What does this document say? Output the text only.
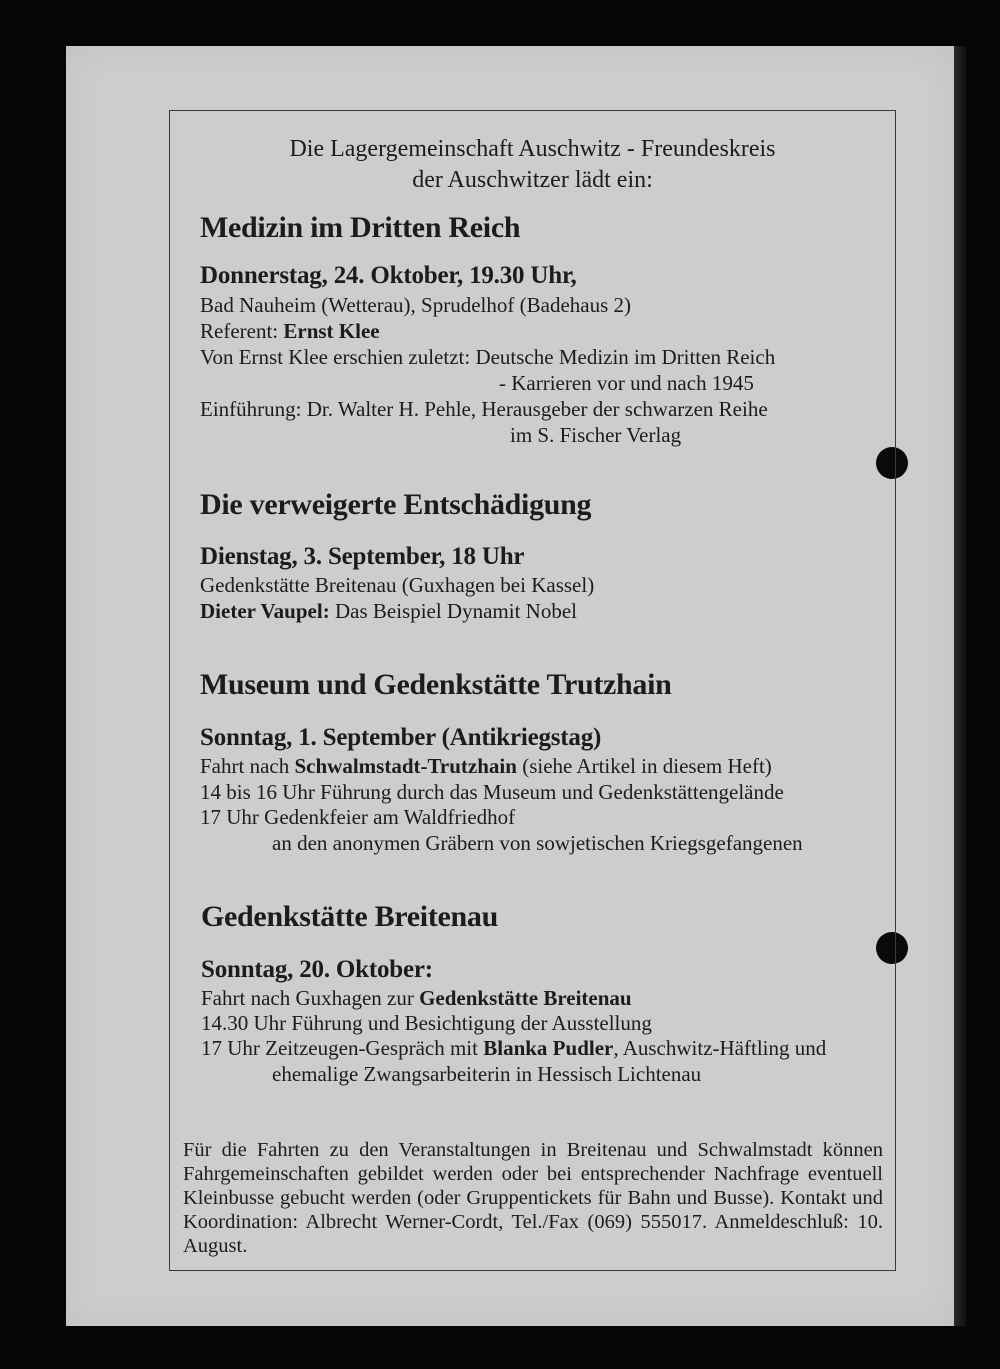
Die Lagergemeinschaft Auschwitz - Freundeskreis
der Auschwitzer lädt ein:
Medizin im Dritten Reich
Donnerstag, 24. Oktober, 19.30 Uhr,
Bad Nauheim (Wetterau), Sprudelhof (Badehaus 2)
Referent: Ernst Klee
Von Ernst Klee erschien zuletzt: Deutsche Medizin im Dritten Reich
- Karrieren vor und nach 1945
Einführung: Dr. Walter H. Pehle, Herausgeber der schwarzen Reihe
im S. Fischer Verlag
Die verweigerte Entschädigung
Dienstag, 3. September, 18 Uhr
Gedenkstätte Breitenau (Guxhagen bei Kassel)
Dieter Vaupel: Das Beispiel Dynamit Nobel
Museum und Gedenkstätte Trutzhain
Sonntag, 1. September (Antikriegstag)
Fahrt nach Schwalmstadt-Trutzhain (siehe Artikel in diesem Heft)
14 bis 16 Uhr Führung durch das Museum und Gedenkstättengelände
17 Uhr Gedenkfeier am Waldfriedhof
an den anonymen Gräbern von sowjetischen Kriegsgefangenen
Gedenkstätte Breitenau
Sonntag, 20. Oktober:
Fahrt nach Guxhagen zur Gedenkstätte Breitenau
14.30 Uhr Führung und Besichtigung der Ausstellung
17 Uhr Zeitzeugen-Gespräch mit Blanka Pudler, Auschwitz-Häftling und
ehemalige Zwangsarbeiterin in Hessisch Lichtenau
Für die Fahrten zu den Veranstaltungen in Breitenau und Schwalmstadt können Fahrgemeinschaften gebildet werden oder bei entsprechender Nachfrage eventuell Kleinbusse gebucht werden (oder Gruppentickets für Bahn und Busse). Kontakt und Koordination: Albrecht Werner-Cordt, Tel./Fax (069) 555017. Anmeldeschluß: 10. August.
